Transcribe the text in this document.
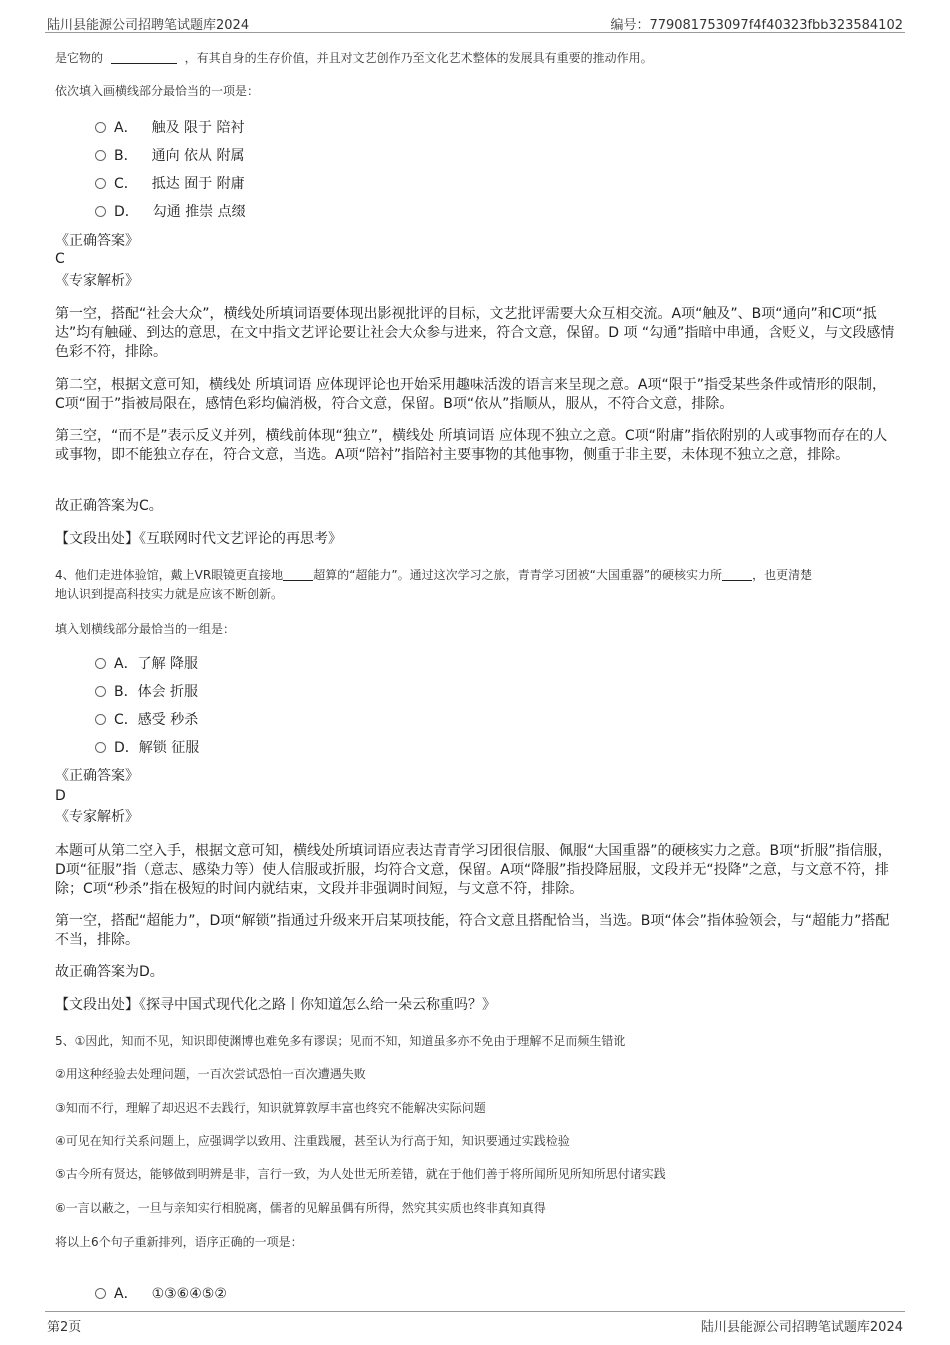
陆川县能源公司招聘笔试题库2024	编号：779081753097f4f40323fbb323584102
是它物的	，有其自身的生存价值，并且对文艺创作乃至文化艺术整体的发展具有重要的推动作用。
依次填入画横线部分最恰当的一项是：
A． 触及 限于 陪衬
B． 通向 依从 附属
C． 抵达 囿于 附庸
D． 勾通 推崇 点缀
《正确答案》
C
《专家解析》
第一空，搭配“社会大众”，横线处所填词语要体现出影视批评的目标，文艺批评需要大众互相交流。A项“触及”、B项“通向”和C项“抵达”均有触碰、到达的意思，在文中指文艺评论要让社会大众参与进来，符合文意，保留。D 项 “勾通”指暗中串通，含贬义，与文段感情色彩不符，排除。
第二空，根据文意可知，横线处 所填词语 应体现评论也开始采用趣味活泼的语言来呈现之意。A项“限于”指受某些条件或情形的限制，C项“囿于”指被局限在，感情色彩均偏消极，符合文意，保留。B项“依从”指顺从，服从，不符合文意，排除。
第三空，“而不是”表示反义并列，横线前体现“独立”，横线处 所填词语 应体现不独立之意。C项“附庸”指依附别的人或事物而存在的人或事物，即不能独立存在，符合文意，当选。A项“陪衬”指陪衬主要事物的其他事物，侧重于非主要，未体现不独立之意，排除。
故正确答案为C。
【文段出处】《互联网时代文艺评论的再思考》
4、他们走进体验馆，戴上VR眼镜更直接地	超算的“超能力”。通过这次学习之旅，青青学习团被“大国重器”的硬核实力所	，也更清楚
地认识到提高科技实力就是应该不断创新。
填入划横线部分最恰当的一组是：
A．了解 降服
B．体会 折服
C．感受 秒杀
D．解锁 征服
《正确答案》
D
《专家解析》
本题可从第二空入手，根据文意可知，横线处所填词语应表达青青学习团很信服、佩服“大国重器”的硬核实力之意。B项“折服”指信服，D项“征服”指（意志、感染力等）使人信服或折服，均符合文意，保留。A项“降服”指投降屈服，文段并无“投降”之意，与文意不符，排除；C项“秒杀”指在极短的时间内就结束，文段并非强调时间短，与文意不符，排除。
第一空，搭配“超能力”，D项“解锁”指通过升级来开启某项技能，符合文意且搭配恰当，当选。B项“体会”指体验领会，与“超能力”搭配不当，排除。
故正确答案为D。
【文段出处】《探寻中国式现代化之路丨你知道怎么给一朵云称重吗？》
5、①因此，知而不见，知识即使渊博也难免多有谬误；见而不知，知道虽多亦不免由于理解不足而频生错讹
②用这种经验去处理问题，一百次尝试恐怕一百次遭遇失败
③知而不行，理解了却迟迟不去践行，知识就算敦厚丰富也终究不能解决实际问题
④可见在知行关系问题上，应强调学以致用、注重践履，甚至认为行高于知，知识要通过实践检验
⑤古今所有贤达，能够做到明辨是非，言行一致，为人处世无所差错，就在于他们善于将所闻所见所知所思付诸实践
⑥一言以蔽之，一旦与亲知实行相脱离，儒者的见解虽偶有所得，然究其实质也终非真知真得
将以上6个句子重新排列，语序正确的一项是：
A． ①③⑥④⑤②
第2页	陆川县能源公司招聘笔试题库2024
